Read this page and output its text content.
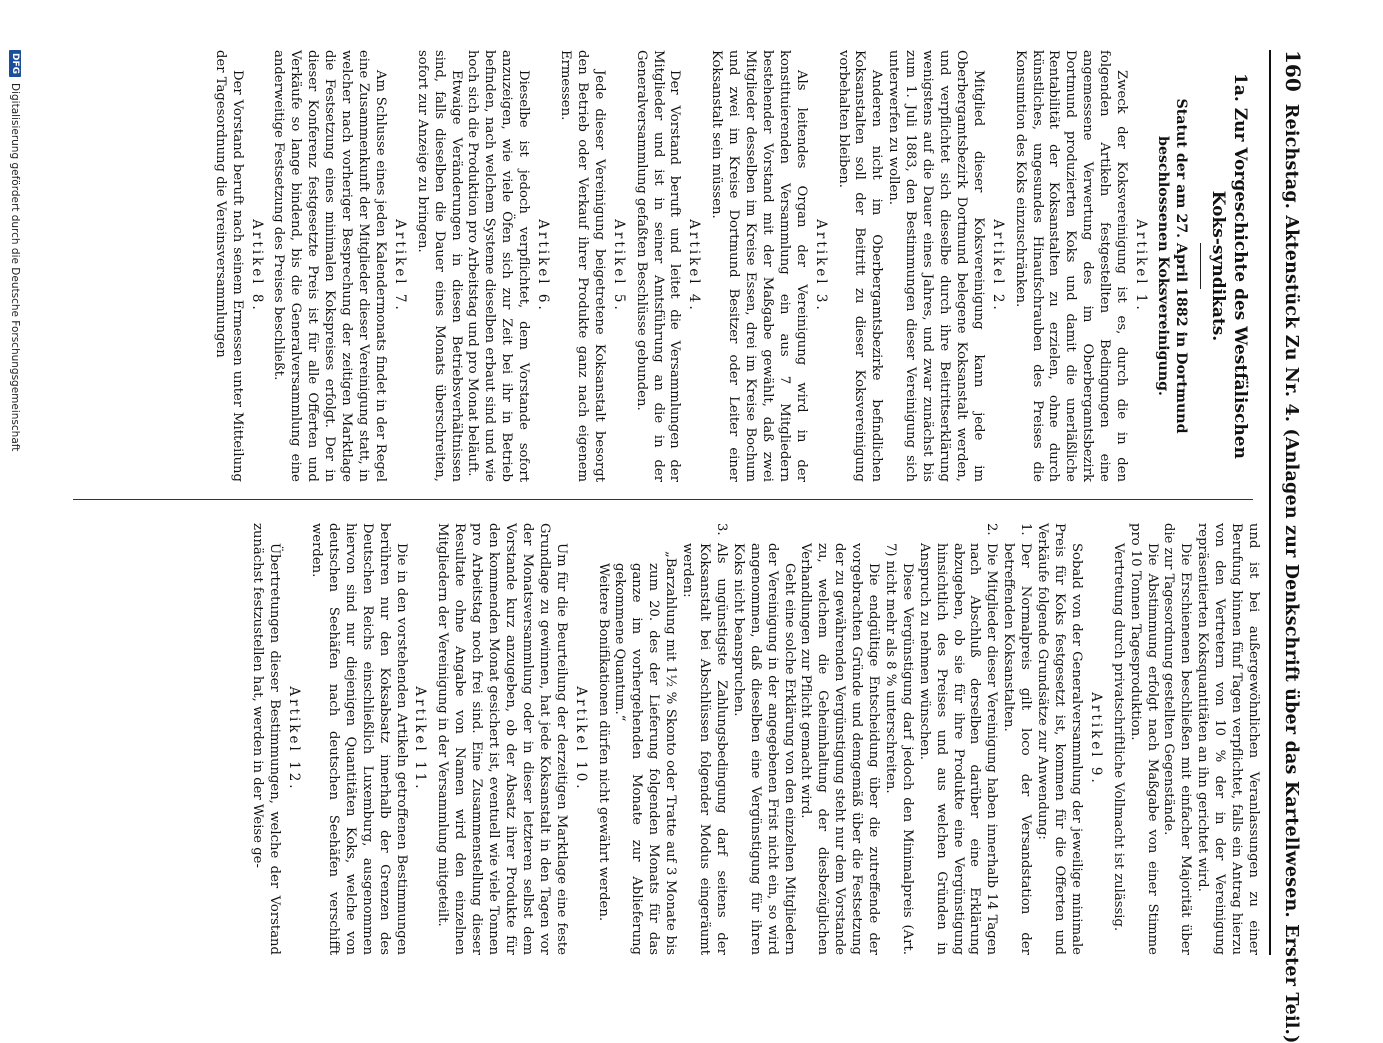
160
Reichstag. Aktenstück Zu Nr. 4. (Anlagen zur Denkschrift über das Kartellwesen. Erster Teil.)
1a. Zur Vorgeschichte des Westfälischen Koks-syndikats.
Statut der am 27. April 1882 in Dortmund beschlossenen Koksvereinigung.
Artikel 1.

Zweck der Koksvereinigung ist es, durch die in den folgenden Artikeln festgestellten Bedingungen eine angemessene Verwertung des im Oberbergamtsbezirk Dortmund produzierten Koks und damit die unerläßliche Rentabilität der Koksanstalten zu erzielen, ohne durch künstliches, ungesundes Hinaufschrauben des Preises die Konsumtion des Koks einzuschränken.

Artikel 2.

Mitglied dieser Koksvereinigung kann jede im Oberbergamtsbezirk Dortmund belegene Koksanstalt werden, und verpflichtet sich dieselbe durch ihre Beitrittserklärung wenigstens auf die Dauer eines Jahres, und zwar zunächst bis zum 1. Juli 1883, den Bestimmungen dieser Vereinigung sich unterwerfen zu wollen.

Anderen nicht im Oberbergamtsbezirke befindlichen Koksanstalten soll der Beitritt zu dieser Koksvereinigung vorbehalten bleiben.

Artikel 3.

Als leitendes Organ der Vereinigung wird in der konstituierenden Versammlung ein aus 7 Mitgliedern bestehender Vorstand mit der Maßgabe gewählt, daß zwei Mitglieder desselben im Kreise Essen, drei im Kreise Bochum und zwei im Kreise Dortmund Besitzer oder Leiter einer Koksanstalt sein müssen.

Artikel 4.

Der Vorstand beruft und leitet die Versammlungen der Mitglieder und ist in seiner Amtsführung an die in der Generalversammlung gefaßten Beschlüsse gebunden.

Artikel 5.

Jede dieser Vereinigung beigetretene Koksanstalt besorgt den Betrieb oder Verkauf ihrer Produkte ganz nach eigenem Ermessen.

Artikel 6.

Dieselbe ist jedoch verpflichtet, dem Vorstande sofort anzuzeigen, wie viele Öfen sich zur Zeit bei ihr in Betrieb befinden, nach welchem Systeme dieselben erbaut sind und wie hoch sich die Produktion pro Arbeitstag und pro Monat beläuft.

Etwaige Veränderungen in diesen Betriebsverhältnissen sind, falls dieselben die Dauer eines Monats überschreiten, sofort zur Anzeige zu bringen.

Artikel 7.

Am Schlusse eines jeden Kalendermonats findet in der Regel eine Zusammenkunft der Mitglieder dieser Vereinigung statt, in welcher nach vorheriger Besprechung der zeitigen Marktlage die Festsetzung eines minimalen Kokspreises erfolgt. Der in dieser Konferenz festgesetzte Preis ist für alle Offerten und Verkäufe so lange bindend, bis die Generalversammlung eine anderweitige Festsetzung des Preises beschließt.

Artikel 8.

Der Vorstand beruft nach seinem Ermessen unter Mitteilung der Tagesordnung die Vereinsversammlungen

und ist bei außergewöhnlichen Veranlassungen zu einer Berufung binnen fünf Tagen verpflichtet, falls ein Antrag hierzu von den Vertretern von 10 % der in der Vereinigung repräsentierten Koksquantitäten an ihn gerichtet wird.

Die Erschienenen beschließen mit einfacher Majorität über die zur Tagesordnung gestellten Gegenstände.

Die Abstimmung erfolgt nach Maßgabe von einer Stimme pro 10 Tonnen Tagesproduktion.

Vertretung durch privatschriftliche Vollmacht ist zulässig.

Artikel 9.

Sobald von der Generalversammlung der jeweilige minimale Preis für Koks festgesetzt ist, kommen für die Offerten und Verkäufe folgende Grundsätze zur Anwendung:

1.
Der Normalpreis gilt loco der Versandstation der betreffenden Koksanstalten.
2.
Die Mitglieder dieser Vereinigung haben innerhalb 14 Tagen nach Abschluß derselben darüber eine Erklärung abzugeben, ob sie für ihre Produkte eine Vergünstigung hinsichtlich des Preises und aus welchen Gründen in Anspruch zu nehmen wünschen.

Diese Vergünstigung darf jedoch den Minimalpreis (Art. 7) nicht mehr als 8 % unterschreiten.

Die endgültige Entscheidung über die zutreffende der vorgebrachten Gründe und demgemäß über die Festsetzung der zu gewährenden Vergünstigung steht nur dem Vorstande zu, welchem die Geheimhaltung der diesbezüglichen Verhandlungen zur Pflicht gemacht wird.

Geht eine solche Erklärung von den einzelnen Mitgliedern der Vereinigung in der angegebenen Frist nicht ein, so wird angenommen, daß dieselben eine Vergünstigung für ihren Koks nicht beanspruchen.

3.
Als ungünstigste Zahlungsbedingung darf seitens der Koksanstalt bei Abschlüssen folgender Modus eingeräumt werden:

„Barzahlung mit 1½ % Skonto oder Tratte auf 3 Monate bis zum 20. des der Lieferung folgenden Monats für das ganze im vorhergehenden Monate zur Ablieferung gekommene Quantum.“

Weitere Bonifikationen dürfen nicht gewährt werden.

Artikel 10.

Um für die Beurteilung der derzeitigen Marktlage eine feste Grundlage zu gewinnen, hat jede Koksanstalt in den Tagen vor der Monatsversammlung oder in dieser letzteren selbst dem Vorstande kurz anzugeben, ob der Absatz ihrer Produkte für den kommenden Monat gesichert ist, eventuell wie viele Tonnen pro Arbeitstag noch frei sind. Eine Zusammenstellung dieser Resultate ohne Angabe von Namen wird den einzelnen Mitgliedern der Vereinigung in der Versammlung mitgeteilt.

Artikel 11.

Die in den vorstehenden Artikeln getroffenen Bestimmungen berühren nur den Koksabsatz innerhalb der Grenzen des Deutschen Reichs einschließlich Luxemburg, ausgenommen hiervon sind nur diejenigen Quantitäten Koks, welche von deutschen Seehäfen nach deutschen Seehäfen verschifft werden.

Artikel 12.

Übertretungen dieser Bestimmungen, welche der Vorstand zunächst festzustellen hat, werden in der Weise ge-

DFG
Digitalisierung gefördert durch die Deutsche Forschungsgemeinschaft
